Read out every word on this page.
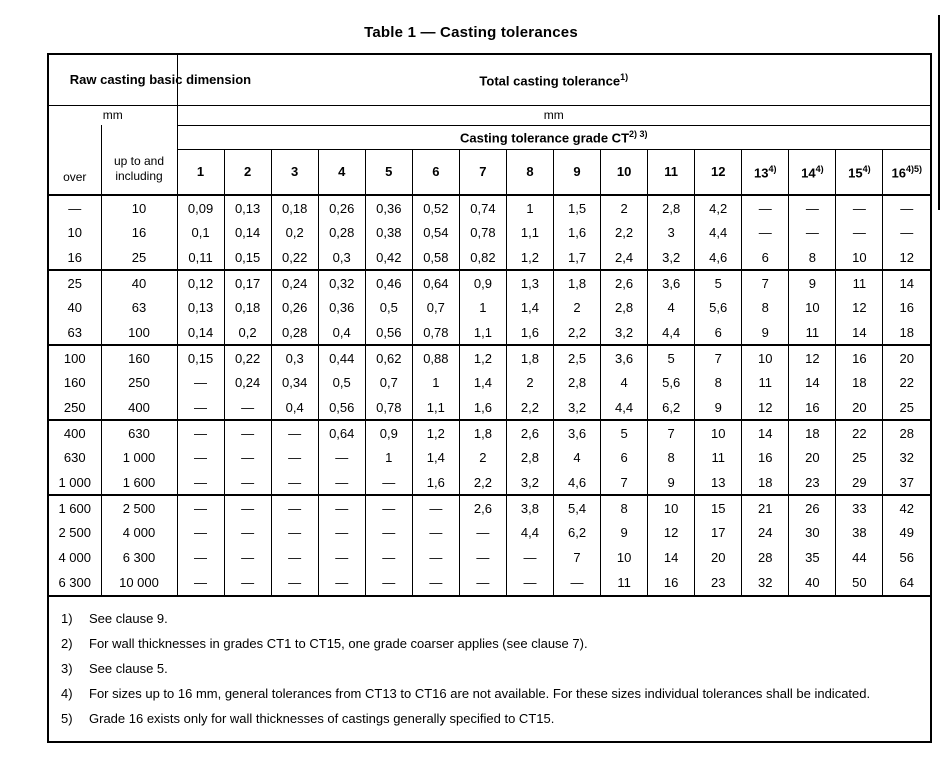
Table 1 — Casting tolerances
Raw casting basic dimension		Total casting tolerance$^{1)}$
mm		mm															
over	up to and including	Casting tolerance grade $CT^{2) 3)}$
		1	2	3	4	5	6	7	8	9	10	11	12	13$^{4)}$	14$^{4)}$	15$^{4)}$	$16^{4)5)}$
—	10	0,09	0,13	0,18	0,26	0,36	0,52	0,74	1	1,5	2	2,8	4,2	—	—	—	—
10	16	0,1	0,14	0,2	0,28	0,38	0,54	0,78	1,1	1,6	2,2	3	4,4	—	—	—	—
16	25	0,11	0,15	0,22	0,3	0,42	0,58	0,82	1,2	1,7	2,4	3,2	4,6	6	8	10	12
25	40	0,12	0,17	0,24	0,32	0,46	0,64	0,9	1,3	1,8	2,6	3,6	5	7	9	11	14
40	63	0,13	0,18	0,26	0,36	0,5	0,7	1	1,4	2	2,8	4	5,6	8	10	12	16
63	100	0,14	0,2	0,28	0,4	0,56	0,78	1,1	1,6	2,2	3,2	4,4	6	9	11	14	18
100	160	0,15	0,22	0,3	0,44	0,62	0,88	1,2	1,8	2,5	3,6	5	7	10	12	16	20
160	250	—	0,24	0,34	0,5	0,7	1	1,4	2	2,8	4	5,6	8	11	14	18	22
250	400	—	—	0,4	0,56	0,78	1,1	1,6	2,2	3,2	4,4	6,2	9	12	16	20	25
400	630	—	—	—	0,64	0,9	1,2	1,8	2,6	3,6	5	7	10	14	18	22	28
630	1 000	—	—	—	—	1	1,4	2	2,8	4	6	8	11	16	20	25	32
1 000	1 600	—	—	—	—	—	1,6	2,2	3,2	4,6	7	9	13	18	23	29	37
1 600	2 500	—	—	—	—	—	—	2,6	3,8	5,4	8	10	15	21	26	33	42
2 500	4 000	—	—	—	—	—	—	—	4,4	6,2	9	12	17	24	30	38	49
4 000	6 300	—	—	—	—	—	—	—	—	7	10	14	20	28	35	44	56
6 300	10 000	—	—	—	—	—	—	—	—	—	11	16	23	32	40	50	64
1)	See clause 9.
2)	For wall thicknesses in grades CT1 to CT15, one grade coarser applies (see clause 7).
3)	See clause 5.
4)	For sizes up to 16 mm, general tolerances from CT13 to CT16 are not available. For these sizes individual tolerances shall be indicated.
5)	Grade 16 exists only for wall thicknesses of castings generally specified to CT15.
